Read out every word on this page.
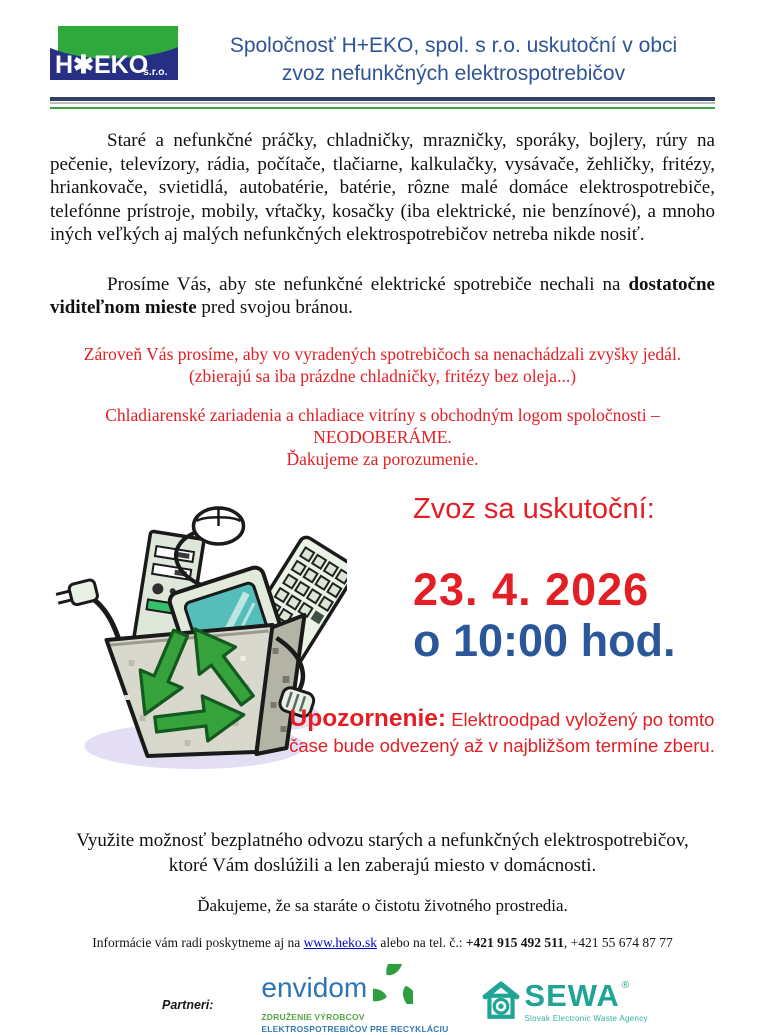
H✱EKO
s.r.o.
Spoločnosť H+EKO, spol. s r.o. uskutoční v obci
zvoz nefunkčných elektrospotrebičov

Staré a nefunkčné práčky, chladničky, mrazničky, sporáky, bojlery, rúry na pečenie, televízory, rádia, počítače, tlačiarne, kalkulačky, vysávače, žehličky, fritézy, hriankovače, svietidlá, autobatérie, batérie, rôzne malé domáce elektrospotrebiče, telefónne prístroje, mobily, vŕtačky, kosačky (iba elektrické, nie benzínové), a mnoho iných veľkých aj malých nefunkčných elektrospotrebičov netreba nikde nosiť.

Prosíme Vás, aby ste nefunkčné elektrické spotrebiče nechali na dostatočne viditeľnom mieste pred svojou bránou.

Zároveň Vás prosíme, aby vo vyradených spotrebičoch sa nenachádzali zvyšky jedál.
(zbierajú sa iba prázdne chladničky, fritézy bez oleja...)
Chladiarenské zariadenia a chladiace vitríny s obchodným logom spoločnosti – NEODOBERÁME.
Ďakujeme za porozumenie.
Zvoz sa uskutoční:
23. 4. 2026
o 10:00 hod.
Upozornenie: Elektroodpad vyložený po tomto čase bude odvezený až v najbližšom termíne zberu.

Využite možnosť bezplatného odvozu starých a nefunkčných elektrospotrebičov, ktoré Vám doslúžili a len zaberajú miesto v domácnosti.

Ďakujeme, že sa staráte o čistotu životného prostredia.

Informácie vám radi poskytneme aj na www.heko.sk alebo na tel. č.: +421 915 492 511, +421 55 674 87 77

Partneri:
envidom
ZDRUŽENIE VÝROBCOV
ELEKTROSPOTREBIČOV PRE RECYKLÁCIU
SEWA ®
Slovak Electronic Waste Agency
